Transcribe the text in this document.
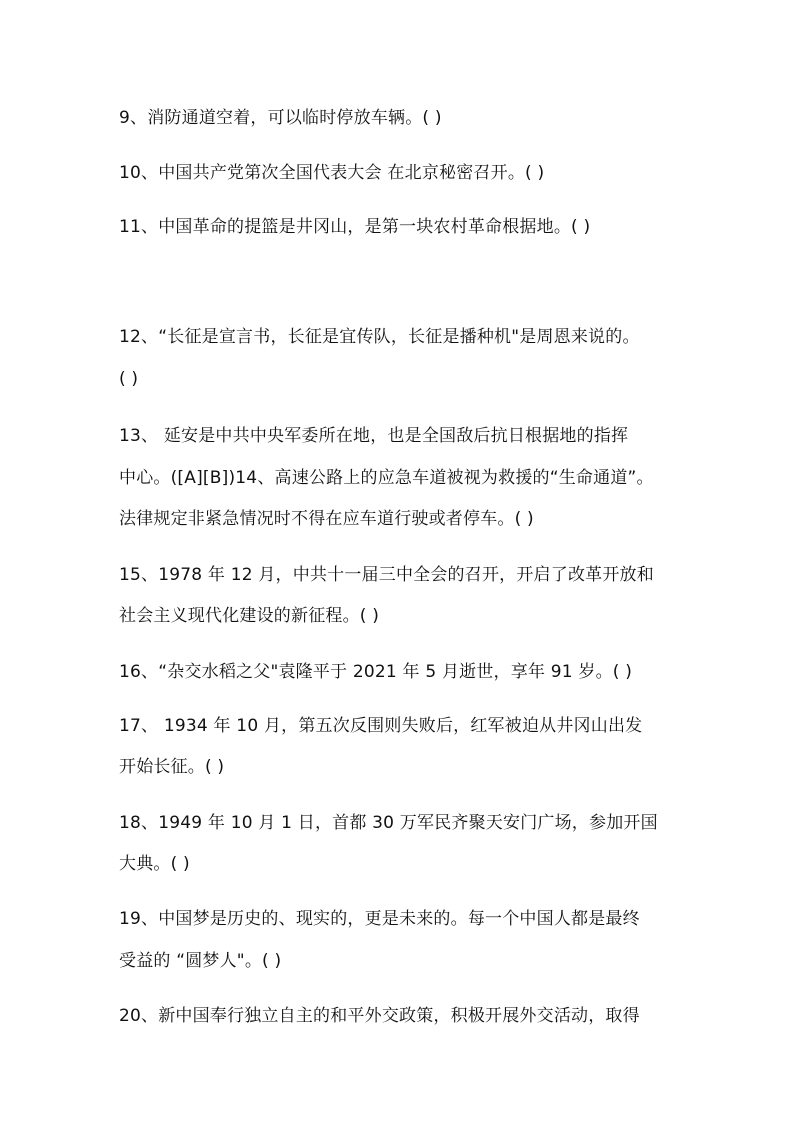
9、消防通道空着，可以临时停放车辆。( )
10、中国共产党第次全国代表大会 在北京秘密召开。( )
11、中国革命的提篮是井冈山，是第一块农村革命根据地。( )
12、“长征是宣言书，长征是宜传队，长征是播种机"是周恩来说的。
( )
13、 延安是中共中央军委所在地，也是全国敌后抗日根据地的指挥
中心。([A][B])14、高速公路上的应急车道被视为救援的“生命通道”。
法律规定非紧急情况时不得在应车道行驶或者停车。( )
15、1978 年 12 月，中共十一届三中全会的召开，开启了改革开放和
社会主义现代化建设的新征程。( )
16、“杂交水稻之父"袁隆平于 2021 年 5 月逝世，享年 91 岁。( )
17、 1934 年 10 月，第五次反围则失败后，红军被迫从井冈山出发
开始长征。( )
18、1949 年 10 月 1 日，首都 30 万军民齐聚天安门广场，参加开国
大典。( )
19、中国梦是历史的、现实的，更是未来的。每一个中国人都是最终
受益的 “圆梦人"。( )
20、新中国奉行独立自主的和平外交政策，积极开展外交活动，取得
